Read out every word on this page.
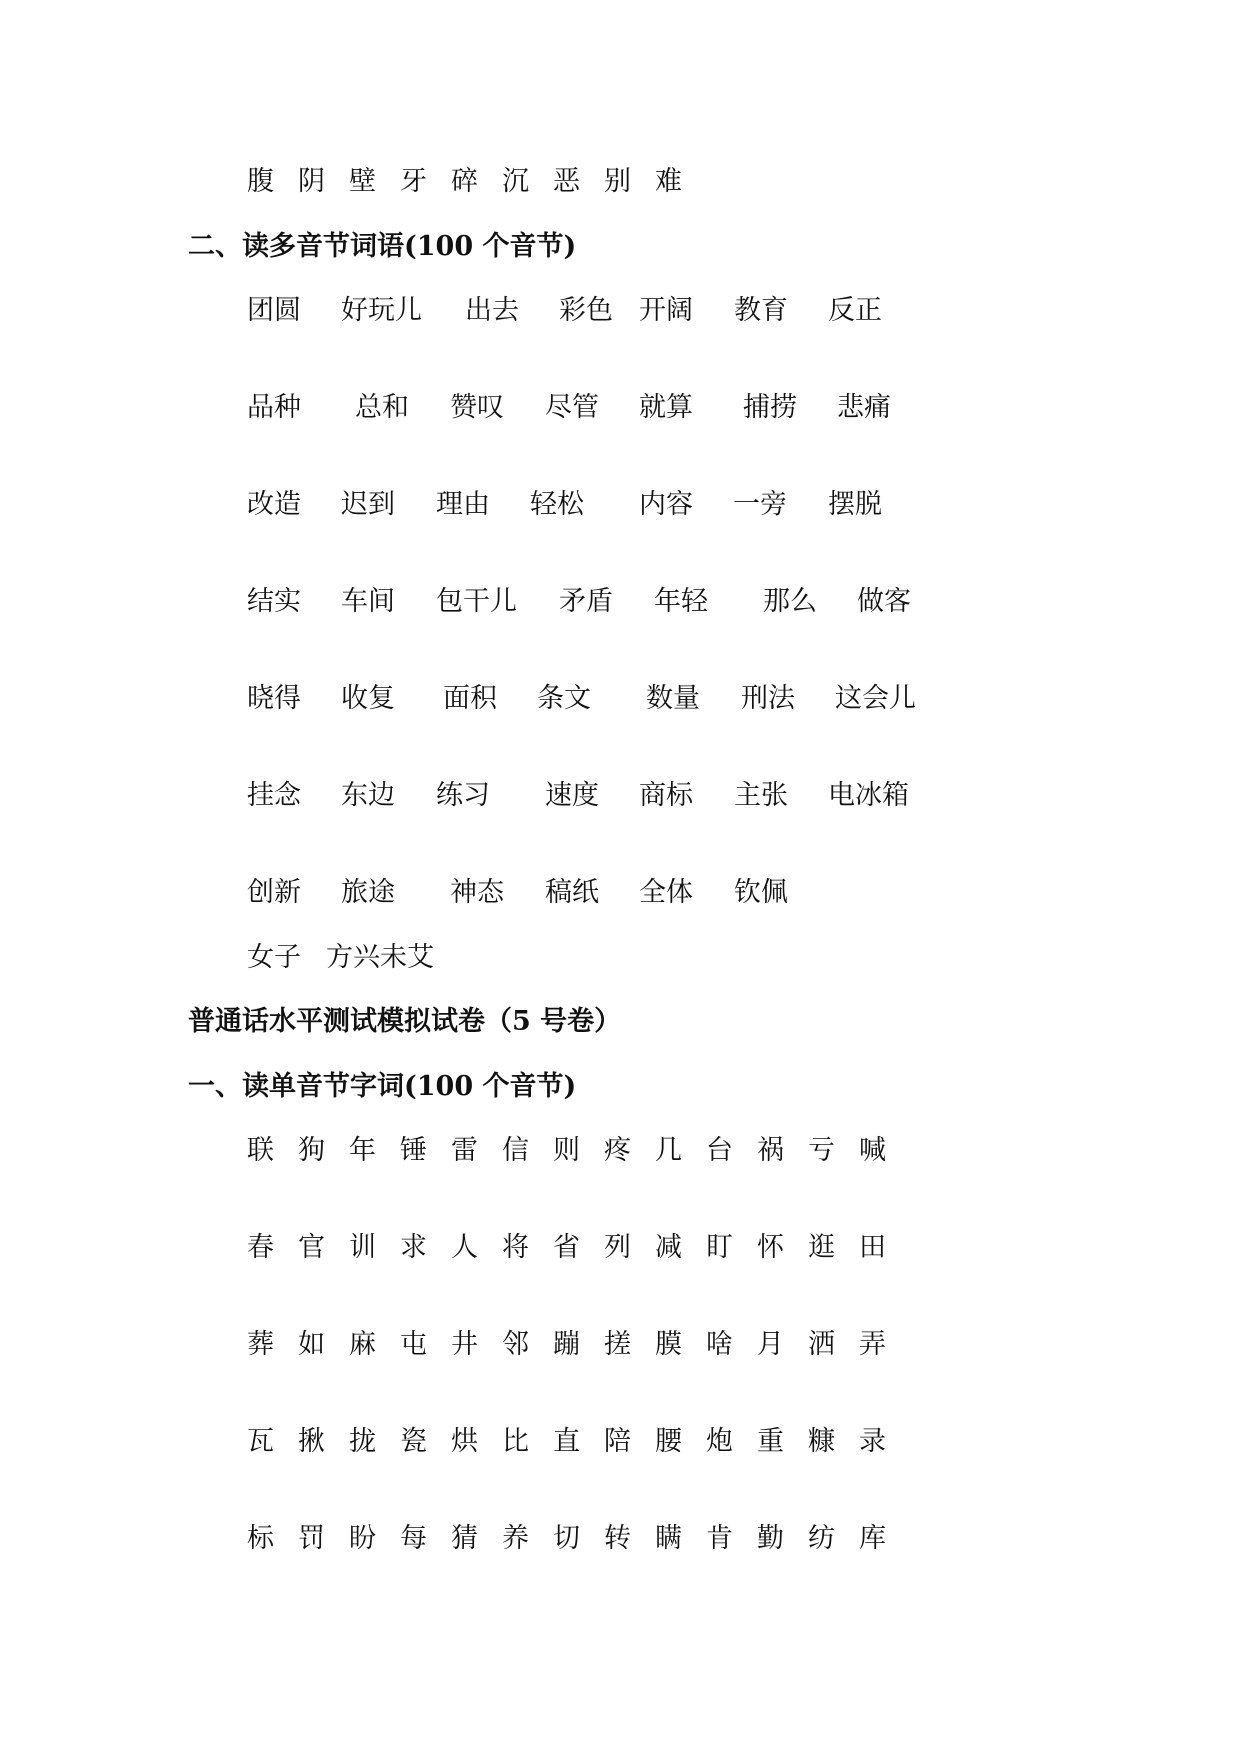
腹 阴 壁 牙 碎 沉 恶 别 难
二、读多音节词语(100 个音节)
团圆 好玩儿 出去 彩色 开阔 教育 反正
品种 总和 赞叹 尽管 就算 捕捞 悲痛
改造 迟到 理由 轻松 内容 一旁 摆脱
结实 车间 包干儿 矛盾 年轻 那么 做客
晓得 收复 面积 条文 数量 刑法 这会儿
挂念 东边 练习 速度 商标 主张 电冰箱
创新 旅途 神态 稿纸 全体 钦佩
女子 方兴未艾
普通话水平测试模拟试卷（5 号卷）
一、读单音节字词(100 个音节)
联 狗 年 锤 雷 信 则 疼 几 台 祸 亏 喊
春 官 训 求 人 将 省 列 减 盯 怀 逛 田
葬 如 麻 屯 井 邻 蹦 搓 膜 啥 月 洒 弄
瓦 揪 拢 瓷 烘 比 直 陪 腰 炮 重 糠 录
标 罚 盼 每 猜 养 切 转 瞒 肯 勤 纺 库
